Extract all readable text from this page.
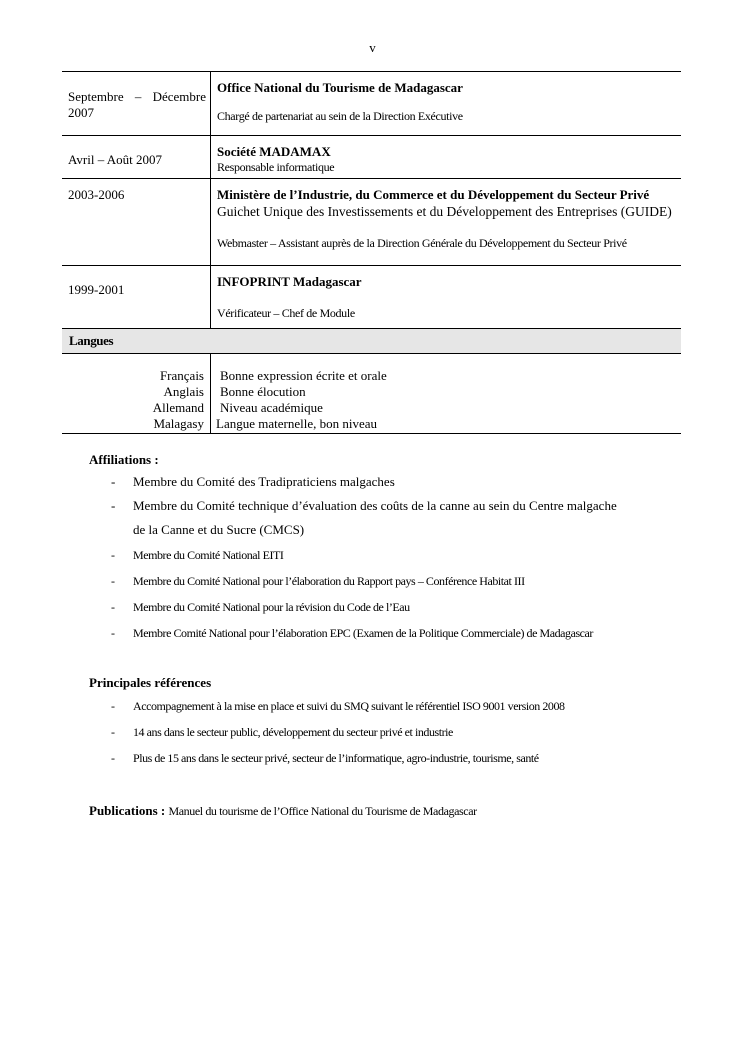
v
Septembre – Décembre
2007
Office National du Tourisme de Madagascar
Chargé de partenariat au sein de la Direction Exécutive
Avril – Août 2007
Société MADAMAX
Responsable informatique
2003-2006	Ministère de l’Industrie, du Commerce et du Développement du Secteur Privé
Guichet Unique des Investissements et du Développement des Entreprises (GUIDE)
Webmaster – Assistant auprès de la Direction Générale du Développement du Secteur Privé
1999-2001
INFOPRINT Madagascar
Vérificateur – Chef de Module
Langues
Français
Anglais
Allemand
Malagasy
Bonne expression écrite et orale
Bonne élocution
Niveau académique
Langue maternelle, bon niveau
Affiliations :
- Membre du Comité des Tradipraticiens malgaches
- Membre du Comité technique d’évaluation des coûts de la canne au sein du Centre malgache
de la Canne et du Sucre (CMCS)
- Membre du Comité National EITI
- Membre du Comité National pour l’élaboration du Rapport pays – Conférence Habitat III
- Membre du Comité National pour la révision du Code de l’Eau
- Membre Comité National pour l’élaboration EPC (Examen de la Politique Commerciale) de Madagascar
Principales références
- Accompagnement à la mise en place et suivi du SMQ suivant le référentiel ISO 9001 version 2008
- 14 ans dans le secteur public, développement du secteur privé et industrie
- Plus de 15 ans dans le secteur privé, secteur de l’informatique, agro-industrie, tourisme, santé
Publications : Manuel du tourisme de l’Office National du Tourisme de Madagascar
